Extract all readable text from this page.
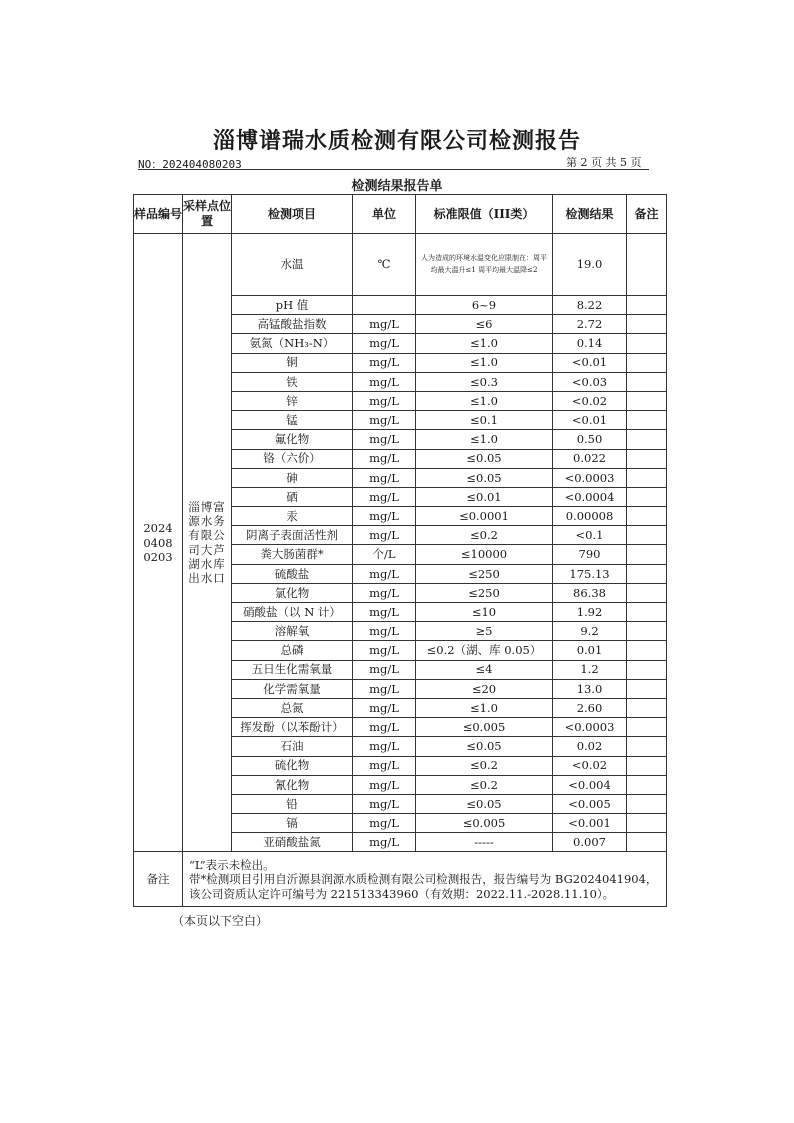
淄博谱瑞水质检测有限公司检测报告
NO：202404080203	第 2 页 共 5 页
检测结果报告单
样品编号	采样点位置	检测项目	单位	标准限值（III类）	检测结果	备注
2024 0408 0203	淄博富源水务有限公司大芦湖水库出水口	水温	℃	人为造成的环境水温变化应限制在：周平均最大温升≤1 周平均最大温降≤2	19.0	
		pH 值		6~9	8.22	
		高锰酸盐指数	mg/L	≤6	2.72	
		氨氮（NH₃-N）	mg/L	≤1.0	0.14	
		铜	mg/L	≤1.0	<0.01	
		铁	mg/L	≤0.3	<0.03	
		锌	mg/L	≤1.0	<0.02	
		锰	mg/L	≤0.1	<0.01	
		氟化物	mg/L	≤1.0	0.50	
		铬（六价）	mg/L	≤0.05	0.022	
		砷	mg/L	≤0.05	<0.0003	
		硒	mg/L	≤0.01	<0.0004	
		汞	mg/L	≤0.0001	0.00008	
		阴离子表面活性剂	mg/L	≤0.2	<0.1	
		粪大肠菌群*	个/L	≤10000	790	
		硫酸盐	mg/L	≤250	175.13	
		氯化物	mg/L	≤250	86.38	
		硝酸盐（以 N 计）	mg/L	≤10	1.92	
		溶解氧	mg/L	≥5	9.2	
		总磷	mg/L	≤0.2（湖、库 0.05）	0.01	
		五日生化需氧量	mg/L	≤4	1.2	
		化学需氧量	mg/L	≤20	13.0	
		总氮	mg/L	≤1.0	2.60	
		挥发酚（以苯酚计）	mg/L	≤0.005	<0.0003	
		石油	mg/L	≤0.05	0.02	
		硫化物	mg/L	≤0.2	<0.02	
		氰化物	mg/L	≤0.2	<0.004	
		铅	mg/L	≤0.05	<0.005	
		镉	mg/L	≤0.005	<0.001	
		亚硝酸盐氮	mg/L	-----	0.007	
备注	“L”表示未检出。
带*检测项目引用自沂源县润源水质检测有限公司检测报告，报告编号为 BG2024041904，
该公司资质认定许可编号为 221513343960（有效期：2022.11.-2028.11.10）。					
（本页以下空白）
